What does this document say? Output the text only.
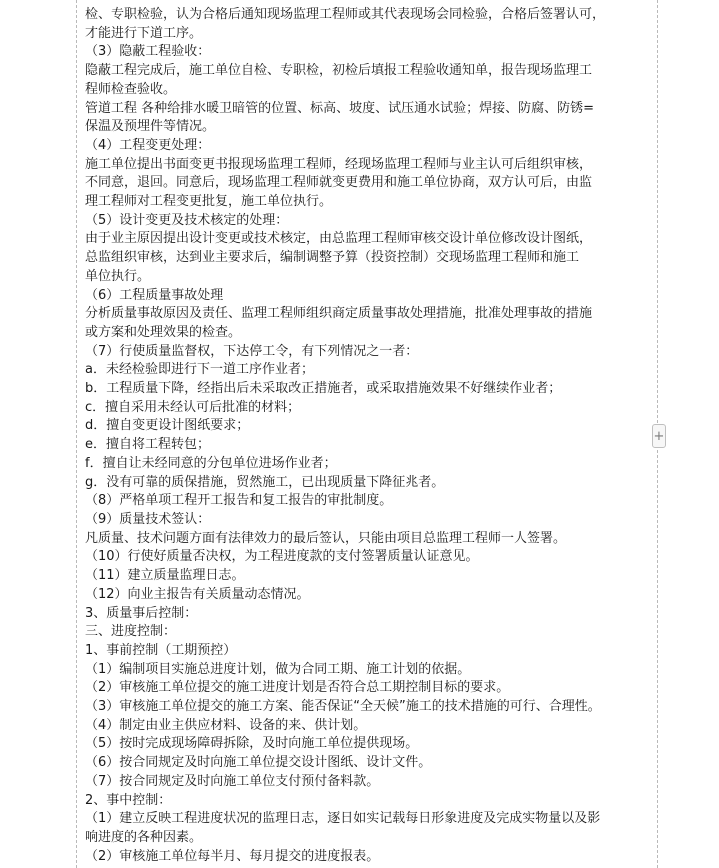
检、专职检验，认为合格后通知现场监理工程师或其代表现场会同检验，合格后签署认可，
才能进行下道工序。
（3）隐蔽工程验收：
隐蔽工程完成后，施工单位自检、专职检，初检后填报工程验收通知单，报告现场监理工
程师检查验收。
管道工程 各种给排水暖卫暗管的位置、标高、坡度、试压通水试验；焊接、防腐、防锈=
保温及预埋件等情况。
（4）工程变更处理：
施工单位提出书面变更书报现场监理工程师，经现场监理工程师与业主认可后组织审核，
不同意，退回。同意后，现场监理工程师就变更费用和施工单位协商，双方认可后，由监
理工程师对工程变更批复，施工单位执行。
（5）设计变更及技术核定的处理：
由于业主原因提出设计变更或技术核定，由总监理工程师审核交设计单位修改设计图纸，
总监组织审核，达到业主要求后，编制调整予算（投资控制）交现场监理工程师和施工
单位执行。
（6）工程质量事故处理
分析质量事故原因及责任、监理工程师组织商定质量事故处理措施，批准处理事故的措施
或方案和处理效果的检查。
（7）行使质量监督权，下达停工令，有下列情况之一者：
a．未经检验即进行下一道工序作业者；
b．工程质量下降，经指出后未采取改正措施者，或采取措施效果不好继续作业者；
c．擅自采用未经认可后批准的材料；
d．擅自变更设计图纸要求；
e．擅自将工程转包；
f．擅自让未经同意的分包单位进场作业者；
g．没有可靠的质保措施，贸然施工，已出现质量下降征兆者。
（8）严格单项工程开工报告和复工报告的审批制度。
（9）质量技术签认：
凡质量、技术问题方面有法律效力的最后签认，只能由项目总监理工程师一人签署。
（10）行使好质量否决权，为工程进度款的支付签署质量认证意见。
（11）建立质量监理日志。
（12）向业主报告有关质量动态情况。
3、质量事后控制：
三、进度控制：
1、事前控制（工期预控）
（1）编制项目实施总进度计划，做为合同工期、施工计划的依据。
（2）审核施工单位提交的施工进度计划是否符合总工期控制目标的要求。
（3）审核施工单位提交的施工方案、能否保证“全天候”施工的技术措施的可行、合理性。
（4）制定由业主供应材料、设备的来、供计划。
（5）按时完成现场障碍拆除，及时向施工单位提供现场。
（6）按合同规定及时向施工单位提交设计图纸、设计文件。
（7）按合同规定及时向施工单位支付预付备料款。
2、事中控制：
（1）建立反映工程进度状况的监理日志，逐日如实记载每日形象进度及完成实物量以及影
响进度的各种因素。
（2）审核施工单位每半月、每月提交的进度报表。
+
